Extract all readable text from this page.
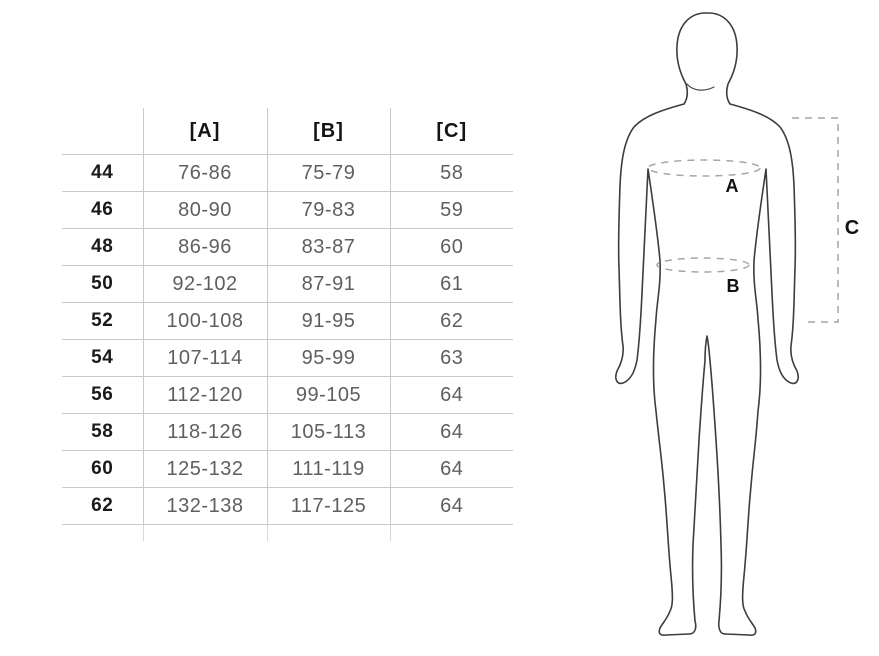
	[A]	[B]	[C]
44	76-86	75-79	58
46	80-90	79-83	59
48	86-96	83-87	60
50	92-102	87-91	61
52	100-108	91-95	62
54	107-114	95-99	63
56	112-120	99-105	64
58	118-126	105-113	64
60	125-132	111-119	64
62	132-138	117-125	64

A
B
C
